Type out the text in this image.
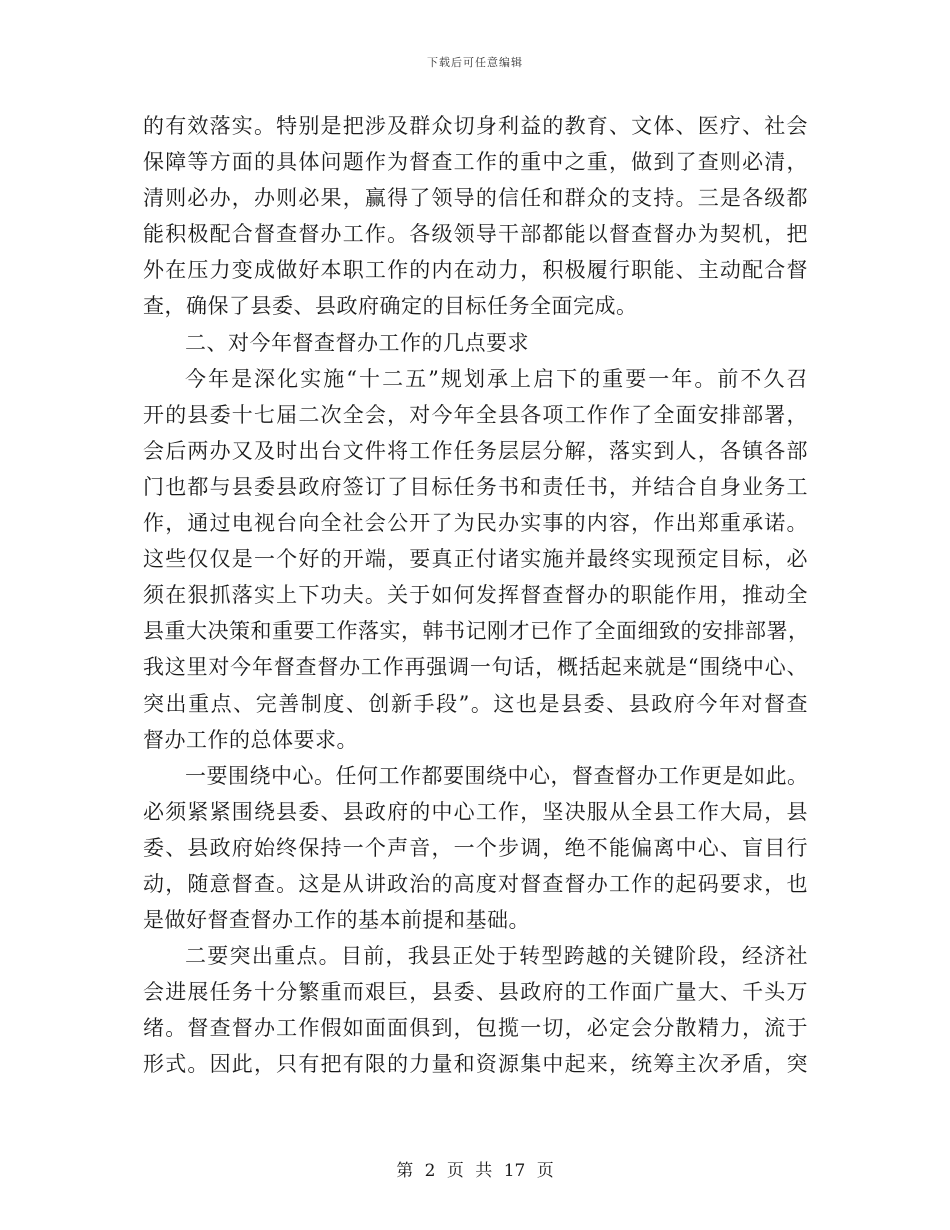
下载后可任意编辑
的有效落实。特别是把涉及群众切身利益的教育、文体、医疗、社会
保障等方面的具体问题作为督查工作的重中之重，做到了查则必清，
清则必办，办则必果，赢得了领导的信任和群众的支持。三是各级都
能积极配合督查督办工作。各级领导干部都能以督查督办为契机，把
外在压力变成做好本职工作的内在动力，积极履行职能、主动配合督
查，确保了县委、县政府确定的目标任务全面完成。
二、对今年督查督办工作的几点要求
今年是深化实施“十二五”规划承上启下的重要一年。前不久召
开的县委十七届二次全会，对今年全县各项工作作了全面安排部署，
会后两办又及时出台文件将工作任务层层分解，落实到人，各镇各部
门也都与县委县政府签订了目标任务书和责任书，并结合自身业务工
作，通过电视台向全社会公开了为民办实事的内容，作出郑重承诺。
这些仅仅是一个好的开端，要真正付诸实施并最终实现预定目标，必
须在狠抓落实上下功夫。关于如何发挥督查督办的职能作用，推动全
县重大决策和重要工作落实，韩书记刚才已作了全面细致的安排部署，
我这里对今年督查督办工作再强调一句话，概括起来就是“围绕中心、
突出重点、完善制度、创新手段”。这也是县委、县政府今年对督查
督办工作的总体要求。
一要围绕中心。任何工作都要围绕中心，督查督办工作更是如此。
必须紧紧围绕县委、县政府的中心工作，坚决服从全县工作大局，县
委、县政府始终保持一个声音，一个步调，绝不能偏离中心、盲目行
动，随意督查。这是从讲政治的高度对督查督办工作的起码要求，也
是做好督查督办工作的基本前提和基础。
二要突出重点。目前，我县正处于转型跨越的关键阶段，经济社
会进展任务十分繁重而艰巨，县委、县政府的工作面广量大、千头万
绪。督查督办工作假如面面俱到，包揽一切，必定会分散精力，流于
形式。因此，只有把有限的力量和资源集中起来，统筹主次矛盾，突
第 2 页 共 17 页
